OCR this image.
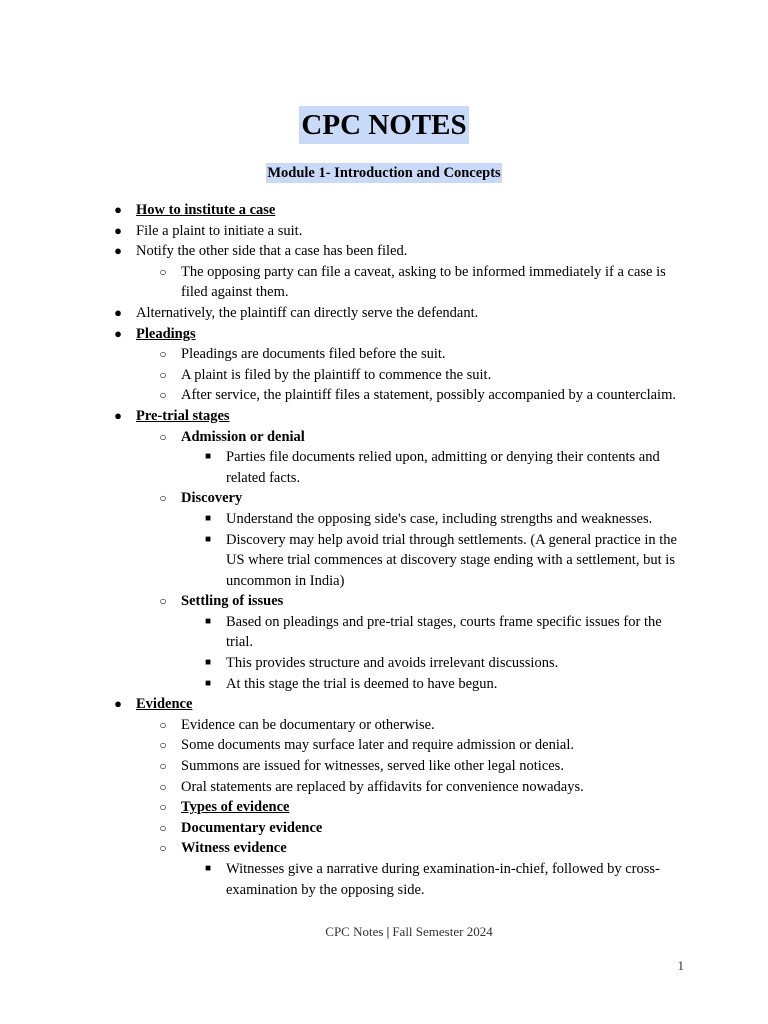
CPC NOTES
Module 1- Introduction and Concepts
● How to institute a case
● File a plaint to initiate a suit.
● Notify the other side that a case has been filed.
○ The opposing party can file a caveat, asking to be informed immediately if a case is filed against them.
● Alternatively, the plaintiff can directly serve the defendant.
● Pleadings
○ Pleadings are documents filed before the suit.
○ A plaint is filed by the plaintiff to commence the suit.
○ After service, the plaintiff files a statement, possibly accompanied by a counterclaim.
● Pre-trial stages
○ Admission or denial
■ Parties file documents relied upon, admitting or denying their contents and related facts.
○ Discovery
■ Understand the opposing side's case, including strengths and weaknesses.
■ Discovery may help avoid trial through settlements. (A general practice in the US where trial commences at discovery stage ending with a settlement, but is uncommon in India)
○ Settling of issues
■ Based on pleadings and pre-trial stages, courts frame specific issues for the trial.
■ This provides structure and avoids irrelevant discussions.
■ At this stage the trial is deemed to have begun.
● Evidence
○ Evidence can be documentary or otherwise.
○ Some documents may surface later and require admission or denial.
○ Summons are issued for witnesses, served like other legal notices.
○ Oral statements are replaced by affidavits for convenience nowadays.
○ Types of evidence
○ Documentary evidence
○ Witness evidence
■ Witnesses give a narrative during examination-in-chief, followed by cross-examination by the opposing side.
CPC Notes | Fall Semester 2024
1
